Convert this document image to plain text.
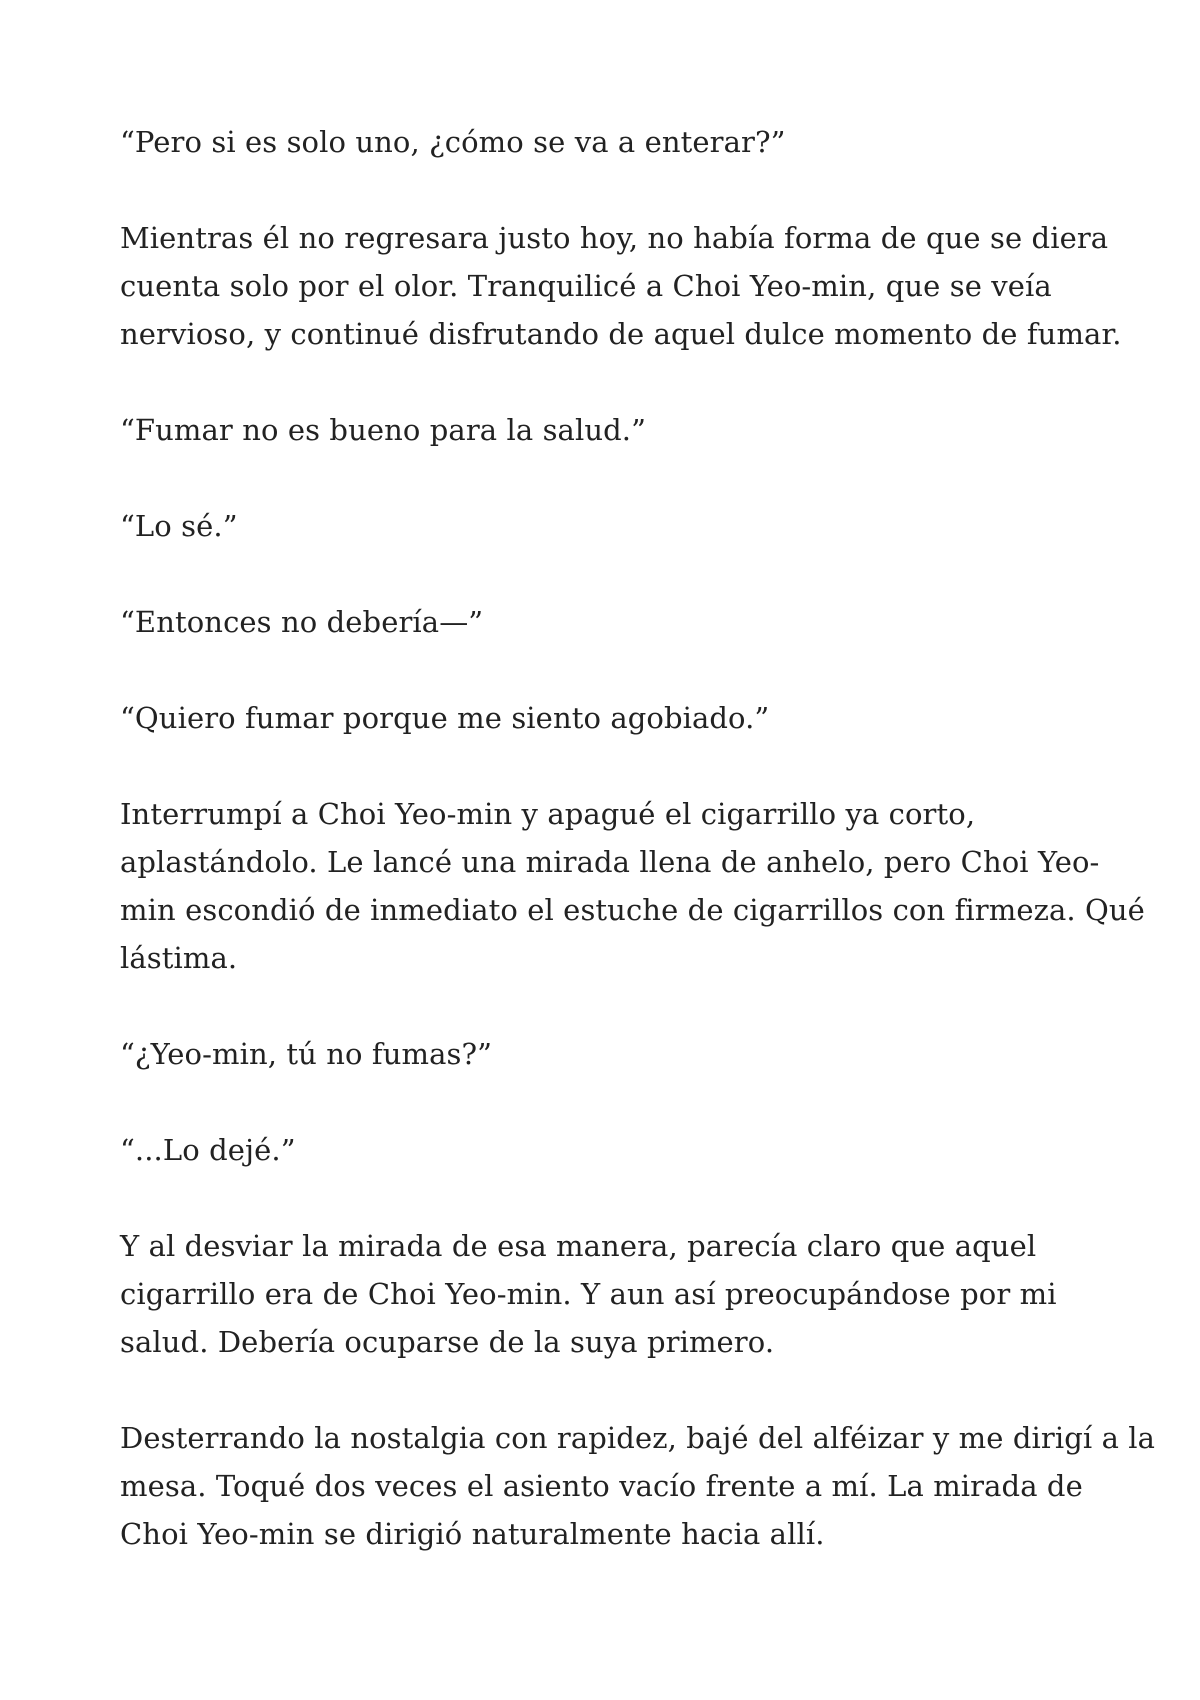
“Pero si es solo uno, ¿cómo se va a enterar?”

Mientras él no regresara justo hoy, no había forma de que se diera
cuenta solo por el olor. Tranquilicé a Choi Yeo-min, que se veía
nervioso, y continué disfrutando de aquel dulce momento de fumar.

“Fumar no es bueno para la salud.”

“Lo sé.”

“Entonces no debería—”

“Quiero fumar porque me siento agobiado.”

Interrumpí a Choi Yeo-min y apagué el cigarrillo ya corto,
aplastándolo. Le lancé una mirada llena de anhelo, pero Choi Yeo-
min escondió de inmediato el estuche de cigarrillos con firmeza. Qué
lástima.

“¿Yeo-min, tú no fumas?”

“...Lo dejé.”

Y al desviar la mirada de esa manera, parecía claro que aquel
cigarrillo era de Choi Yeo-min. Y aun así preocupándose por mi
salud. Debería ocuparse de la suya primero.

Desterrando la nostalgia con rapidez, bajé del alféizar y me dirigí a la
mesa. Toqué dos veces el asiento vacío frente a mí. La mirada de
Choi Yeo-min se dirigió naturalmente hacia allí.
